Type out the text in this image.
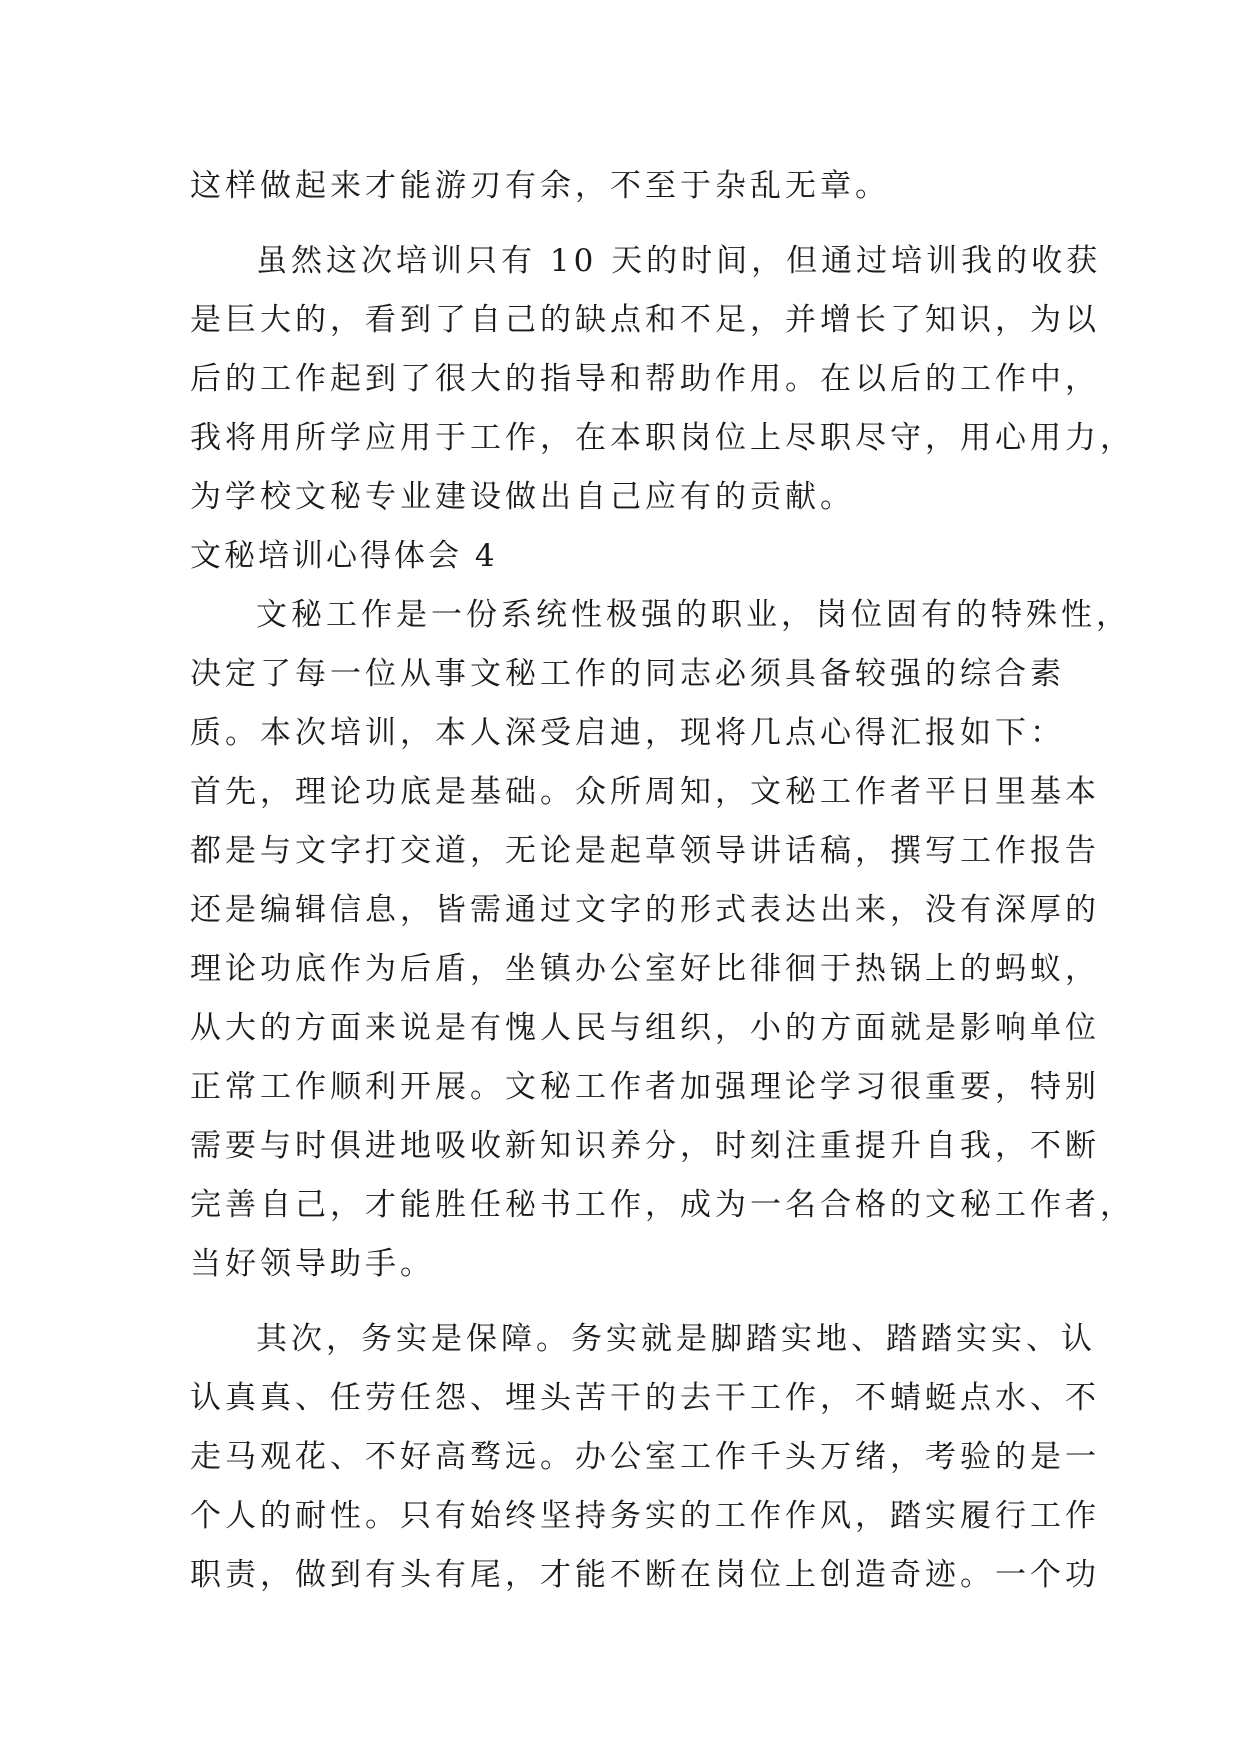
这样做起来才能游刃有余，不至于杂乱无章。
虽然这次培训只有 10 天的时间，但通过培训我的收获
是巨大的，看到了自己的缺点和不足，并增长了知识，为以
后的工作起到了很大的指导和帮助作用。在以后的工作中，
我将用所学应用于工作，在本职岗位上尽职尽守，用心用力，
为学校文秘专业建设做出自己应有的贡献。
文秘培训心得体会 4
文秘工作是一份系统性极强的职业，岗位固有的特殊性，
决定了每一位从事文秘工作的同志必须具备较强的综合素
质。本次培训，本人深受启迪，现将几点心得汇报如下：
首先，理论功底是基础。众所周知，文秘工作者平日里基本
都是与文字打交道，无论是起草领导讲话稿，撰写工作报告
还是编辑信息，皆需通过文字的形式表达出来，没有深厚的
理论功底作为后盾，坐镇办公室好比徘徊于热锅上的蚂蚁，
从大的方面来说是有愧人民与组织，小的方面就是影响单位
正常工作顺利开展。文秘工作者加强理论学习很重要，特别
需要与时俱进地吸收新知识养分，时刻注重提升自我，不断
完善自己，才能胜任秘书工作，成为一名合格的文秘工作者，
当好领导助手。
其次，务实是保障。务实就是脚踏实地、踏踏实实、认
认真真、任劳任怨、埋头苦干的去干工作，不蜻蜓点水、不
走马观花、不好高骛远。办公室工作千头万绪，考验的是一
个人的耐性。只有始终坚持务实的工作作风，踏实履行工作
职责，做到有头有尾，才能不断在岗位上创造奇迹。一个功
